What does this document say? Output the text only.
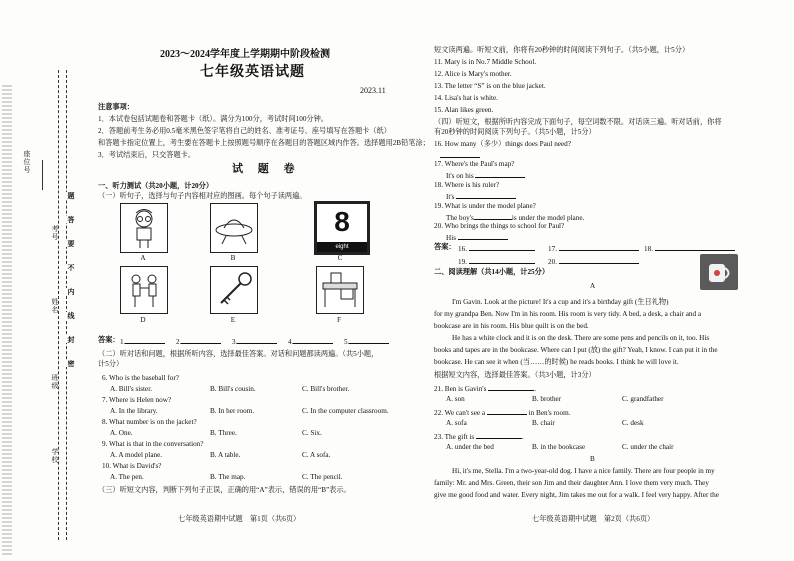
座位号
考号
姓名
班级
学校
题
答
要
不
内
线
封
密
2023～2024学年度上学期期中阶段检测
七年级英语试题
2023.11
注意事项：
1．本试卷包括试题卷和答题卡（纸）。满分为100分，考试时间100分钟。
2．答题前考生务必用0.5毫米黑色签字笔将自己的姓名、准考证号、座号填写在答题卡（纸）
和答题卡指定位置上，考生要在答题卡上按照题号顺序在各题目的答题区域内作答。选择题用2B铅笔涂；
3．考试结束后，只交答题卡。
试 题 卷
一、听力测试（共20小题，计20分）
（一）听句子，选择与句子内容相对应的图画。每个句子读两遍。
8
eight
A	B	C
D	E	F
答案： 1.	2.	3.	4.	5.
（二）听对话和问题，根据所听内容，选择最佳答案。对话和问题都读两遍。（共5小题，
计5分）
6. Who is the baseball for?
A. Bill's sister.	B. Bill's cousin.	C. Bill's brother.
7. Where is Helen now?
A. In the library.	B. In her room.	C. In the computer classroom.
8. What number is on the jacket?
A. One.	B. Three.	C. Six.
9. What is that in the conversation?
A. A model plane.	B. A table.	C. A sofa.
10. What is David's?
A. The pen.	B. The map.	C. The pencil.
（三）听短文内容，判断下列句子正误，正确的用“A”表示，错误的用“B”表示。
七年级英语期中试题　第1页（共6页）
短文读两遍。听短文前，你将有20秒钟的时间阅读下列句子。（共5小题，计5分）
11. Mary is in No.7 Middle School.
12. Alice is Mary's mother.
13. The letter “S” is on the blue jacket.
14. Lisa's hat is white.
15. Alan likes green.
（四）听短文，根据所听内容完成下面句子，每空词数不限。对话读三遍。听对话前，你将
有20秒钟的时间阅读下列句子。（共5小题，计5分）
16. How many（多少）things does Paul need?
17. Where's the Paul's map?
It's on his
18. Where is his ruler?
It's
19. What is under the model plane?
The boy's	is under the model plane.
20. Who brings the things to school for Paul?
His
答案： 16.	17.	18.
19.	20.
二、阅读理解（共14小题，计25分）
A
I'm Gavin. Look at the picture! It's a cup and it's a birthday gift (生日礼物)
for my grandpa Ben. Now I'm in his room. His room is very tidy. A bed, a desk, a chair and a
bookcase are in his room. His blue quilt is on the bed.
He has a white clock and it is on the desk. There are some pens and pencils on it, too. His
books and tapes are in the bookcase. Where can I put (放) the gift? Yeah, I know. I can put it in the
bookcase. He can see it when (当……的时候) he reads books. I think he will love it.
根据短文内容，选择最佳答案。（共3小题，计3分）
21. Ben is Gavin's	.
A. son	B. brother	C. grandfather
22. We can't see a	in Ben's room.
A. sofa	B. chair	C. desk
23. The gift is	.
A. under the bed	B. in the bookcase	C. under the chair
B
Hi, it's me, Stella. I'm a two-year-old dog. I have a nice family. There are four people in my
family: Mr. and Mrs. Green, their son Jim and their daughter Ann. I love them very much. They
give me good food and water. Every night, Jim takes me out for a walk. I feel very happy. After the
七年级英语期中试题　第2页（共6页）
